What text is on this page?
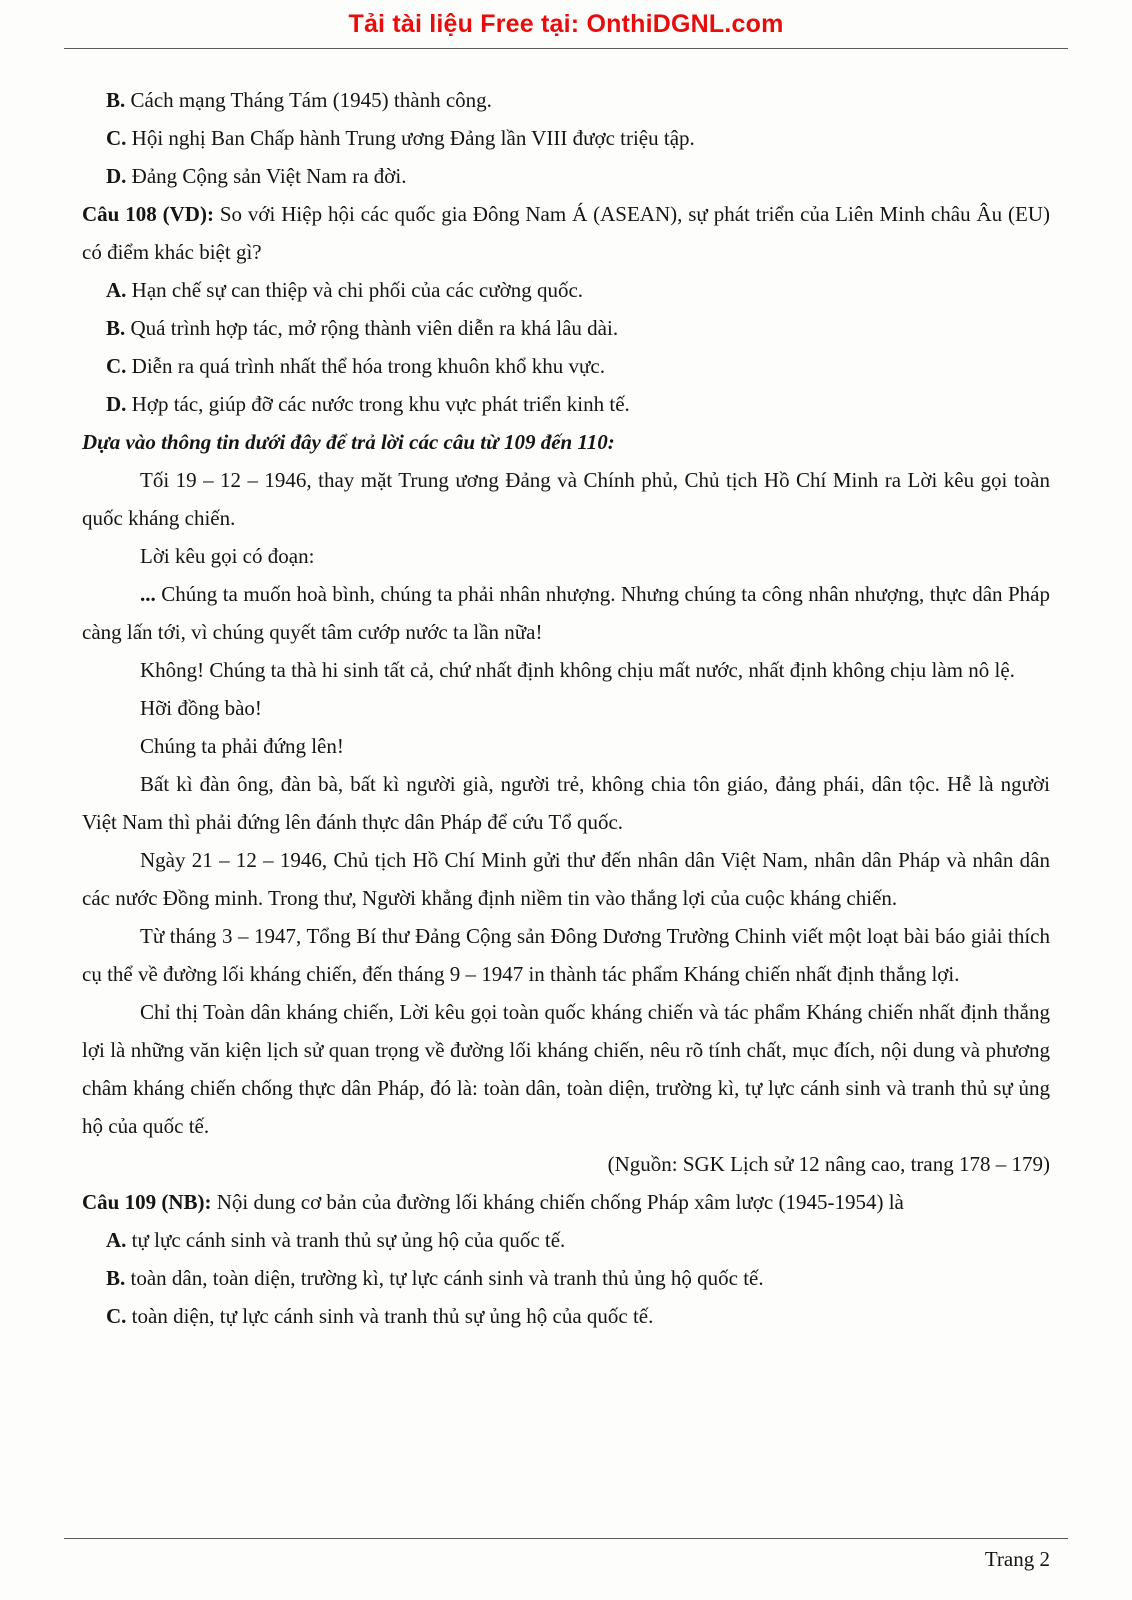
Tải tài liệu Free tại: OnthiDGNL.com

B. Cách mạng Tháng Tám (1945) thành công.

C. Hội nghị Ban Chấp hành Trung ương Đảng lần VIII được triệu tập.

D. Đảng Cộng sản Việt Nam ra đời.

Câu 108 (VD): So với Hiệp hội các quốc gia Đông Nam Á (ASEAN), sự phát triển của Liên Minh châu Âu (EU) có điểm khác biệt gì?

A. Hạn chế sự can thiệp và chi phối của các cường quốc.

B. Quá trình hợp tác, mở rộng thành viên diễn ra khá lâu dài.

C. Diễn ra quá trình nhất thể hóa trong khuôn khổ khu vực.

D. Hợp tác, giúp đỡ các nước trong khu vực phát triển kinh tế.

Dựa vào thông tin dưới đây để trả lời các câu từ 109 đến 110:

Tối 19 – 12 – 1946, thay mặt Trung ương Đảng và Chính phủ, Chủ tịch Hồ Chí Minh ra Lời kêu gọi toàn quốc kháng chiến.

Lời kêu gọi có đoạn:

... Chúng ta muốn hoà bình, chúng ta phải nhân nhượng. Nhưng chúng ta công nhân nhượng, thực dân Pháp càng lấn tới, vì chúng quyết tâm cướp nước ta lần nữa!

Không! Chúng ta thà hi sinh tất cả, chứ nhất định không chịu mất nước, nhất định không chịu làm nô lệ.

Hỡi đồng bào!

Chúng ta phải đứng lên!

Bất kì đàn ông, đàn bà, bất kì người già, người trẻ, không chia tôn giáo, đảng phái, dân tộc. Hễ là người Việt Nam thì phải đứng lên đánh thực dân Pháp để cứu Tổ quốc.

Ngày 21 – 12 – 1946, Chủ tịch Hồ Chí Minh gửi thư đến nhân dân Việt Nam, nhân dân Pháp và nhân dân các nước Đồng minh. Trong thư, Người khẳng định niềm tin vào thắng lợi của cuộc kháng chiến.

Từ tháng 3 – 1947, Tổng Bí thư Đảng Cộng sản Đông Dương Trường Chinh viết một loạt bài báo giải thích cụ thể về đường lối kháng chiến, đến tháng 9 – 1947 in thành tác phẩm Kháng chiến nhất định thắng lợi.

Chỉ thị Toàn dân kháng chiến, Lời kêu gọi toàn quốc kháng chiến và tác phẩm Kháng chiến nhất định thắng lợi là những văn kiện lịch sử quan trọng về đường lối kháng chiến, nêu rõ tính chất, mục đích, nội dung và phương châm kháng chiến chống thực dân Pháp, đó là: toàn dân, toàn diện, trường kì, tự lực cánh sinh và tranh thủ sự ủng hộ của quốc tế.

(Nguồn: SGK Lịch sử 12 nâng cao, trang 178 – 179)

Câu 109 (NB): Nội dung cơ bản của đường lối kháng chiến chống Pháp xâm lược (1945-1954) là

A. tự lực cánh sinh và tranh thủ sự ủng hộ của quốc tế.

B. toàn dân, toàn diện, trường kì, tự lực cánh sinh và tranh thủ ủng hộ quốc tế.

C. toàn diện, tự lực cánh sinh và tranh thủ sự ủng hộ của quốc tế.

Trang 2
